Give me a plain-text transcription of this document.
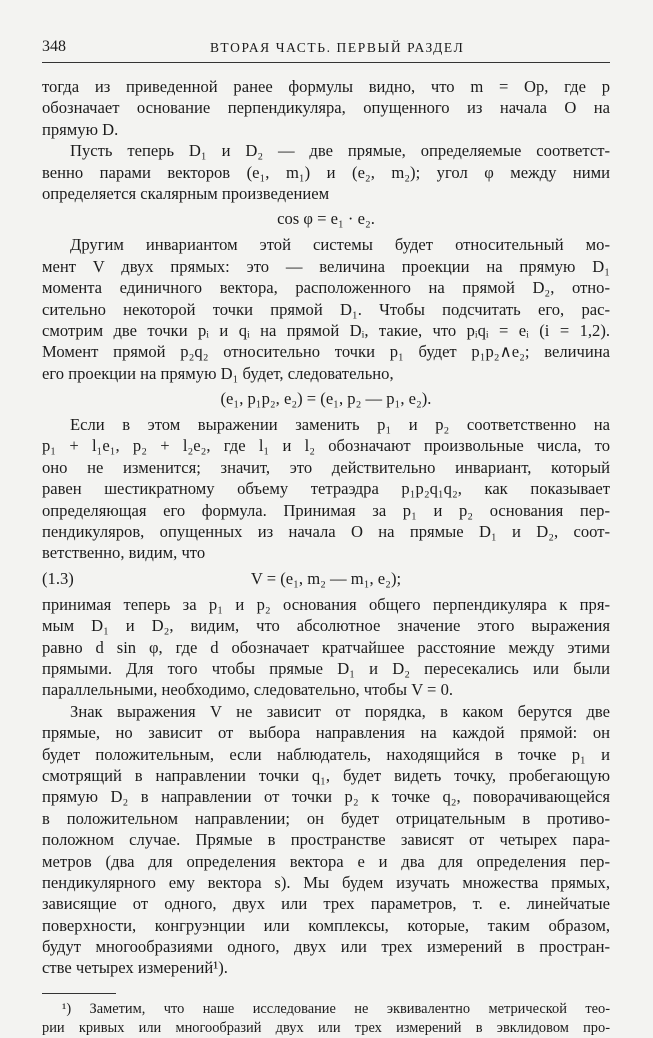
348	ВТОРАЯ ЧАСТЬ. ПЕРВЫЙ РАЗДЕЛ
тогда из приведенной ранее формулы видно, что m = Op, где p
обозначает основание перпендикуляра, опущенного из начала O на
прямую D.
Пусть теперь D₁ и D₂ — две прямые, определяемые соответст-
венно парами векторов (e₁, m₁) и (e₂, m₂); угол φ между ними
определяется скалярным произведением
cos φ = e₁ · e₂.
Другим инвариантом этой системы будет относительный мо-
мент V двух прямых: это — величина проекции на прямую D₁
момента единичного вектора, расположенного на прямой D₂, отно-
сительно некоторой точки прямой D₁. Чтобы подсчитать его, рас-
смотрим две точки pᵢ и qᵢ на прямой Dᵢ, такие, что pᵢqᵢ = eᵢ (i = 1,2).
Момент прямой p₂q₂ относительно точки p₁ будет p₁p₂∧e₂; величина
его проекции на прямую D₁ будет, следовательно,
(e₁, p₁p₂, e₂) = (e₁, p₂ — p₁, e₂).
Если в этом выражении заменить p₁ и p₂ соответственно на
p₁ + l₁e₁, p₂ + l₂e₂, где l₁ и l₂ обозначают произвольные числа, то
оно не изменится; значит, это действительно инвариант, который
равен шестикратному объему тетраэдра p₁p₂q₁q₂, как показывает
определяющая его формула. Принимая за p₁ и p₂ основания пер-
пендикуляров, опущенных из начала O на прямые D₁ и D₂, соот-
ветственно, видим, что
(1.3)	V = (e₁, m₂ — m₁, e₂);
принимая теперь за p₁ и p₂ основания общего перпендикуляра к пря-
мым D₁ и D₂, видим, что абсолютное значение этого выражения
равно d sin φ, где d обозначает кратчайшее расстояние между этими
прямыми. Для того чтобы прямые D₁ и D₂ пересекались или были
параллельными, необходимо, следовательно, чтобы V = 0.
Знак выражения V не зависит от порядка, в каком берутся две
прямые, но зависит от выбора направления на каждой прямой: он
будет положительным, если наблюдатель, находящийся в точке p₁ и
смотрящий в направлении точки q₁, будет видеть точку, пробегающую
прямую D₂ в направлении от точки p₂ к точке q₂, поворачивающейся
в положительном направлении; он будет отрицательным в противо-
положном случае. Прямые в пространстве зависят от четырех пара-
метров (два для определения вектора e и два для определения пер-
пендикулярного ему вектора s). Мы будем изучать множества прямых,
зависящие от одного, двух или трех параметров, т. е. линейчатые
поверхности, конгруэнции или комплексы, которые, таким образом,
будут многообразиями одного, двух или трех измерений в простран-
стве четырех измерений¹).
¹) Заметим, что наше исследование не эквивалентно метрической тео-
рии кривых или многообразий двух или трех измерений в эвклидовом про-
